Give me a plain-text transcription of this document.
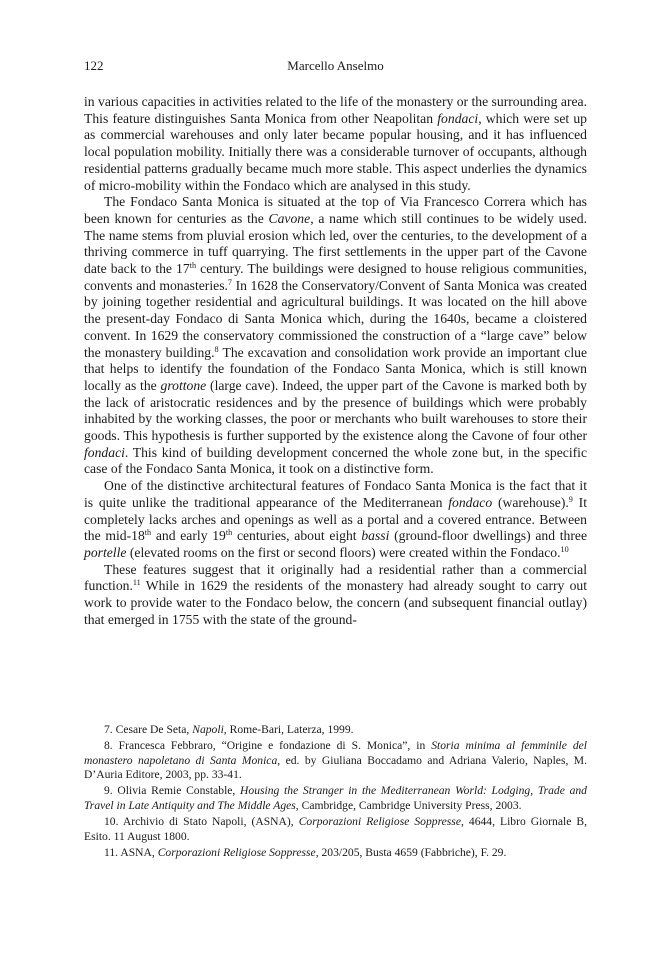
122	Marcello Anselmo

in various capacities in activities related to the life of the monastery or the surrounding area. This feature distinguishes Santa Monica from other Neapolitan fondaci, which were set up as commercial warehouses and only later became popular housing, and it has influenced local population mobility. Initially there was a considerable turnover of occupants, although residential patterns gradually became much more stable. This aspect underlies the dynamics of micro-mobility within the Fondaco which are analysed in this study.

The Fondaco Santa Monica is situated at the top of Via Francesco Correra which has been known for centuries as the Cavone, a name which still continues to be widely used. The name stems from pluvial erosion which led, over the centuries, to the development of a thriving commerce in tuff quarrying. The first settlements in the upper part of the Cavone date back to the 17th century. The buildings were designed to house religious communities, convents and monasteries.$^7$ In 1628 the Conservatory/Convent of Santa Monica was created by joining together residential and agricultural buildings. It was located on the hill above the present-day Fondaco di Santa Monica which, during the 1640s, became a cloistered convent. In 1629 the conservatory commissioned the construction of a “large cave” below the monastery building.$^8$ The excavation and consolidation work provide an important clue that helps to identify the foundation of the Fondaco Santa Monica, which is still known locally as the grottone (large cave). Indeed, the upper part of the Cavone is marked both by the lack of aristocratic residences and by the presence of buildings which were probably inhabited by the working classes, the poor or merchants who built warehouses to store their goods. This hypothesis is further supported by the existence along the Cavone of four other fondaci. This kind of building development concerned the whole zone but, in the specific case of the Fondaco Santa Monica, it took on a distinctive form.

One of the distinctive architectural features of Fondaco Santa Monica is the fact that it is quite unlike the traditional appearance of the Mediterranean fondaco (warehouse).$^9$ It completely lacks arches and openings as well as a portal and a covered entrance. Between the mid-18th and early 19th centuries, about eight bassi (ground-floor dwellings) and three portelle (elevated rooms on the first or second floors) were created within the Fondaco.$^{10}$

These features suggest that it originally had a residential rather than a commercial function.$^{11}$ While in 1629 the residents of the monastery had already sought to carry out work to provide water to the Fondaco below, the concern (and subsequent financial outlay) that emerged in 1755 with the state of the ground-

7. Cesare De Seta, Napoli, Rome-Bari, Laterza, 1999.

8. Francesca Febbraro, “Origine e fondazione di S. Monica”, in Storia minima al femminile del monastero napoletano di Santa Monica, ed. by Giuliana Boccadamo and Adriana Valerio, Naples, M. D’Auria Editore, 2003, pp. 33-41.

9. Olivia Remie Constable, Housing the Stranger in the Mediterranean World: Lodging, Trade and Travel in Late Antiquity and The Middle Ages, Cambridge, Cambridge University Press, 2003.

10. Archivio di Stato Napoli, (ASNA), Corporazioni Religiose Soppresse, 4644, Libro Giornale B, Esito. 11 August 1800.

11. ASNA, Corporazioni Religiose Soppresse, 203/205, Busta 4659 (Fabbriche), F. 29.
